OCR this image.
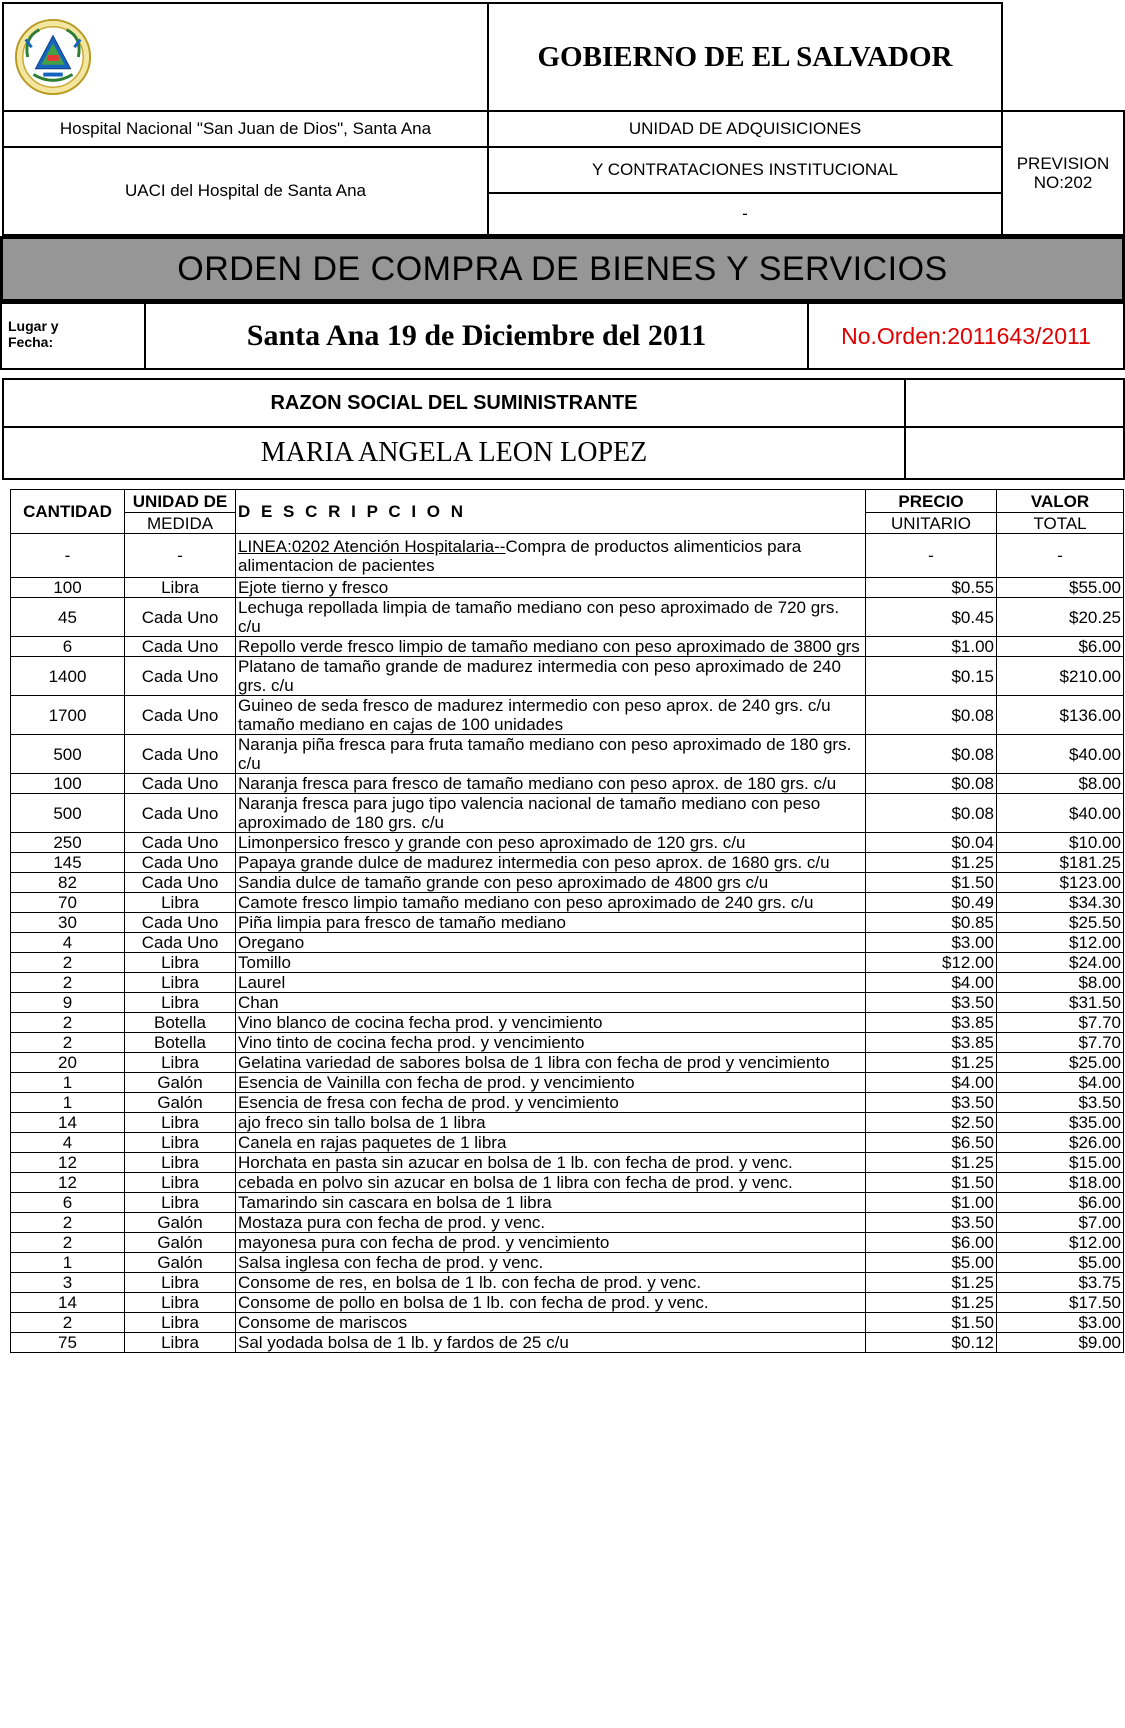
GOBIERNO DE EL SALVADOR
Hospital Nacional "San Juan de Dios", Santa Ana	UNIDAD DE ADQUISICIONES
UACI del Hospital de Santa Ana
Y CONTRATACIONES INSTITUCIONAL
-
PREVISION
NO:202
ORDEN DE COMPRA DE BIENES Y SERVICIOS
Lugar y
Fecha:	Santa Ana 19 de Diciembre del 2011	No.Orden:2011643/2011
RAZON SOCIAL DEL SUMINISTRANTE
MARIA ANGELA LEON LOPEZ
CANTIDAD	UNIDAD DE	D E S C R I P C I O N	PRECIO	VALOR
	MEDIDA		UNITARIO	TOTAL
-	-	LINEA:0202 Atención Hospitalaria--Compra de productos alimenticios para alimentacion de pacientes	-	-
100	Libra	Ejote tierno y fresco	$0.55	$55.00
45	Cada Uno	Lechuga repollada limpia de tamaño mediano con peso aproximado de 720 grs. c/u	$0.45	$20.25
6	Cada Uno	Repollo verde fresco limpio de tamaño mediano con peso aproximado de 3800 grs	$1.00	$6.00
1400	Cada Uno	Platano de tamaño grande de madurez intermedia con peso aproximado de 240 grs. c/u	$0.15	$210.00
1700	Cada Uno	Guineo de seda fresco de madurez intermedio con peso aprox. de 240 grs. c/u tamaño mediano en cajas de 100 unidades	$0.08	$136.00
500	Cada Uno	Naranja piña fresca para fruta tamaño mediano con peso aproximado de 180 grs. c/u	$0.08	$40.00
100	Cada Uno	Naranja fresca para fresco de tamaño mediano con peso aprox. de 180 grs. c/u	$0.08	$8.00
500	Cada Uno	Naranja fresca para jugo tipo valencia nacional de tamaño mediano con peso aproximado de 180 grs. c/u	$0.08	$40.00
250	Cada Uno	Limonpersico fresco y grande con peso aproximado de 120 grs. c/u	$0.04	$10.00
145	Cada Uno	Papaya grande dulce de madurez intermedia con peso aprox. de 1680 grs. c/u	$1.25	$181.25
82	Cada Uno	Sandia dulce de tamaño grande con peso aproximado de 4800 grs c/u	$1.50	$123.00
70	Libra	Camote fresco limpio tamaño mediano con peso aproximado de 240 grs. c/u	$0.49	$34.30
30	Cada Uno	Piña limpia para fresco de tamaño mediano	$0.85	$25.50
4	Cada Uno	Oregano	$3.00	$12.00
2	Libra	Tomillo	$12.00	$24.00
2	Libra	Laurel	$4.00	$8.00
9	Libra	Chan	$3.50	$31.50
2	Botella	Vino blanco de cocina fecha prod. y vencimiento	$3.85	$7.70
2	Botella	Vino tinto de cocina fecha prod. y vencimiento	$3.85	$7.70
20	Libra	Gelatina variedad de sabores bolsa de 1 libra con fecha de prod y vencimiento	$1.25	$25.00
1	Galón	Esencia de Vainilla con fecha de prod. y vencimiento	$4.00	$4.00
1	Galón	Esencia de fresa con fecha de prod. y vencimiento	$3.50	$3.50
14	Libra	ajo freco sin tallo bolsa de 1 libra	$2.50	$35.00
4	Libra	Canela en rajas paquetes de 1 libra	$6.50	$26.00
12	Libra	Horchata en pasta sin azucar en bolsa de 1 lb. con fecha de prod. y venc.	$1.25	$15.00
12	Libra	cebada en polvo sin azucar en bolsa de 1 libra con fecha de prod. y venc.	$1.50	$18.00
6	Libra	Tamarindo sin cascara en bolsa de 1 libra	$1.00	$6.00
2	Galón	Mostaza pura con fecha de prod. y venc.	$3.50	$7.00
2	Galón	mayonesa pura con fecha de prod. y vencimiento	$6.00	$12.00
1	Galón	Salsa inglesa con fecha de prod. y venc.	$5.00	$5.00
3	Libra	Consome de res, en bolsa de 1 lb. con fecha de prod. y venc.	$1.25	$3.75
14	Libra	Consome de pollo en bolsa de 1 lb. con fecha de prod. y venc.	$1.25	$17.50
2	Libra	Consome de mariscos	$1.50	$3.00
75	Libra	Sal yodada bolsa de 1 lb. y fardos de 25 c/u	$0.12	$9.00
